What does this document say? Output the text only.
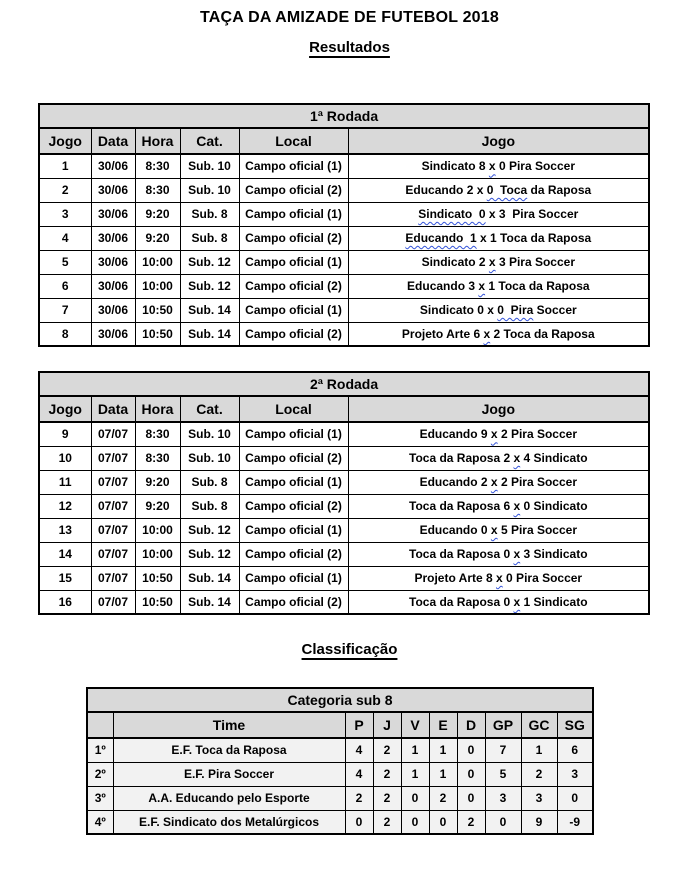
TAÇA DA AMIZADE DE FUTEBOL 2018
Resultados
1ª Rodada					
Jogo	Data	Hora	Cat.	Local	Jogo
1	30/06	8:30	Sub. 10	Campo oficial (1)	Sindicato 8 x 0 Pira Soccer
2	30/06	8:30	Sub. 10	Campo oficial (2)	Educando 2 x 0  Toca da Raposa
3	30/06	9:20	Sub. 8	Campo oficial (1)	Sindicato  0 x 3  Pira Soccer
4	30/06	9:20	Sub. 8	Campo oficial (2)	Educando  1 x 1 Toca da Raposa
5	30/06	10:00	Sub. 12	Campo oficial (1)	Sindicato 2 x 3 Pira Soccer
6	30/06	10:00	Sub. 12	Campo oficial (2)	Educando 3 x 1 Toca da Raposa
7	30/06	10:50	Sub. 14	Campo oficial (1)	Sindicato 0 x 0  Pira Soccer
8	30/06	10:50	Sub. 14	Campo oficial (2)	Projeto Arte 6 x 2 Toca da Raposa
2ª Rodada					
Jogo	Data	Hora	Cat.	Local	Jogo
9	07/07	8:30	Sub. 10	Campo oficial (1)	Educando 9 x 2 Pira Soccer
10	07/07	8:30	Sub. 10	Campo oficial (2)	Toca da Raposa 2 x 4 Sindicato
11	07/07	9:20	Sub. 8	Campo oficial (1)	Educando 2 x 2 Pira Soccer
12	07/07	9:20	Sub. 8	Campo oficial (2)	Toca da Raposa 6 x 0 Sindicato
13	07/07	10:00	Sub. 12	Campo oficial (1)	Educando 0 x 5 Pira Soccer
14	07/07	10:00	Sub. 12	Campo oficial (2)	Toca da Raposa 0 x 3 Sindicato
15	07/07	10:50	Sub. 14	Campo oficial (1)	Projeto Arte 8 x 0 Pira Soccer
16	07/07	10:50	Sub. 14	Campo oficial (2)	Toca da Raposa 0 x 1 Sindicato
Classificação
Categoria sub 8									
	Time	P	J	V	E	D	GP	GC	SG
1º	E.F. Toca da Raposa	4	2	1	1	0	7	1	6
2º	E.F. Pira Soccer	4	2	1	1	0	5	2	3
3º	A.A. Educando pelo Esporte	2	2	0	2	0	3	3	0
4º	E.F. Sindicato dos Metalúrgicos	0	2	0	0	2	0	9	-9
